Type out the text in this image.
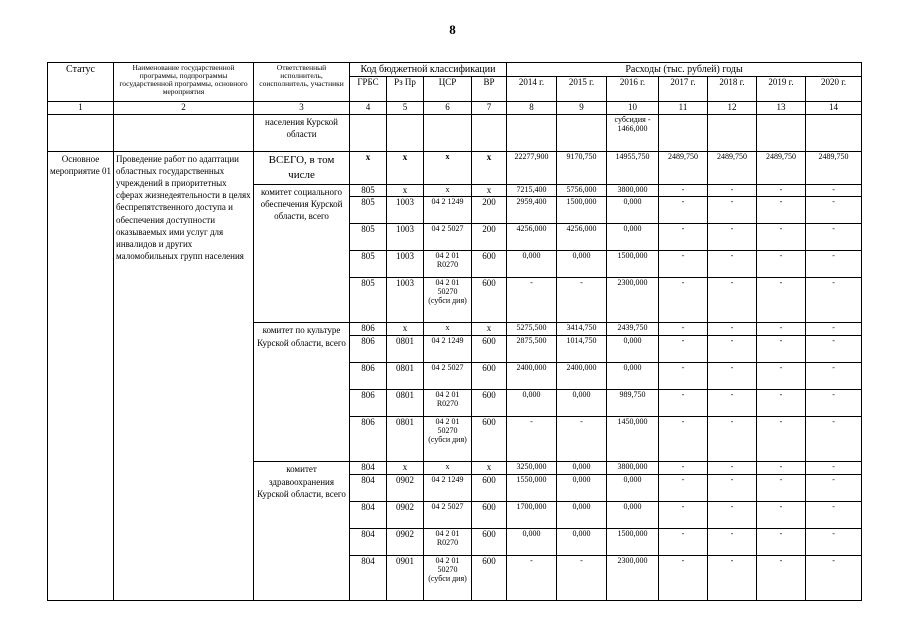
8
Статус	Наименование государственной программы, подпрограммы государственной программы, основного мероприятия	Ответственный исполнитель, соисполнитель, участники	Код бюджетной классификации				Расходы (тыс. рублей) годы						
			ГРБС	Рз Пр	ЦСР	ВР	2014 г.	2015 г.	2016 г.	2017 г.	2018 г.	2019 г.	2020 г.
1	2	3	4	5	6	7	8	9	10	11	12	13	14
		населения Курской области							субсидия - 1466,000				
Основное мероприятие 01	Проведение работ по адаптации областных государственных учреждений в приоритетных сферах жизнедеятельности в целях беспрепятственного доступа и обеспечения доступности оказываемых ими услуг для инвалидов и других маломобильных групп населения	ВСЕГО, в том числе	x	x	x	x	22277,900	9170,750	14955,750	2489,750	2489,750	2489,750	2489,750
		комитет социального обеспечения Курской области, всего	805	x	x	x	7215,400	5756,000	3800,000	-	-	-	-
			805	1003	04 2 1249	200	2959,400	1500,000	0,000	-	-	-	-
			805	1003	04 2 5027	200	4256,000	4256,000	0,000	-	-	-	-
			805	1003	04 2 01 R0270	600	0,000	0,000	1500,000	-	-	-	-
			805	1003	04 2 01 50270 (субси дия)	600	-	-	2300,000	-	-	-	-
		комитет по культуре Курской области, всего	806	x	x	x	5275,500	3414,750	2439,750	-	-	-	-
			806	0801	04 2 1249	600	2875,500	1014,750	0,000	-	-	-	-
			806	0801	04 2 5027	600	2400,000	2400,000	0,000	-	-	-	-
			806	0801	04 2 01 R0270	600	0,000	0,000	989,750	-	-	-	-
			806	0801	04 2 01 50270 (субси дия)	600	-	-	1450,000	-	-	-	-
		комитет здравоохранения Курской области, всего	804	x	x	x	3250,000	0,000	3800,000	-	-	-	-
			804	0902	04 2 1249	600	1550,000	0,000	0,000	-	-	-	-
			804	0902	04 2 5027	600	1700,000	0,000	0,000	-	-	-	-
			804	0902	04 2 01 R0270	600	0,000	0,000	1500,000	-	-	-	-
			804	0901	04 2 01 50270 (субси дия)	600	-	-	2300,000	-	-	-	-
